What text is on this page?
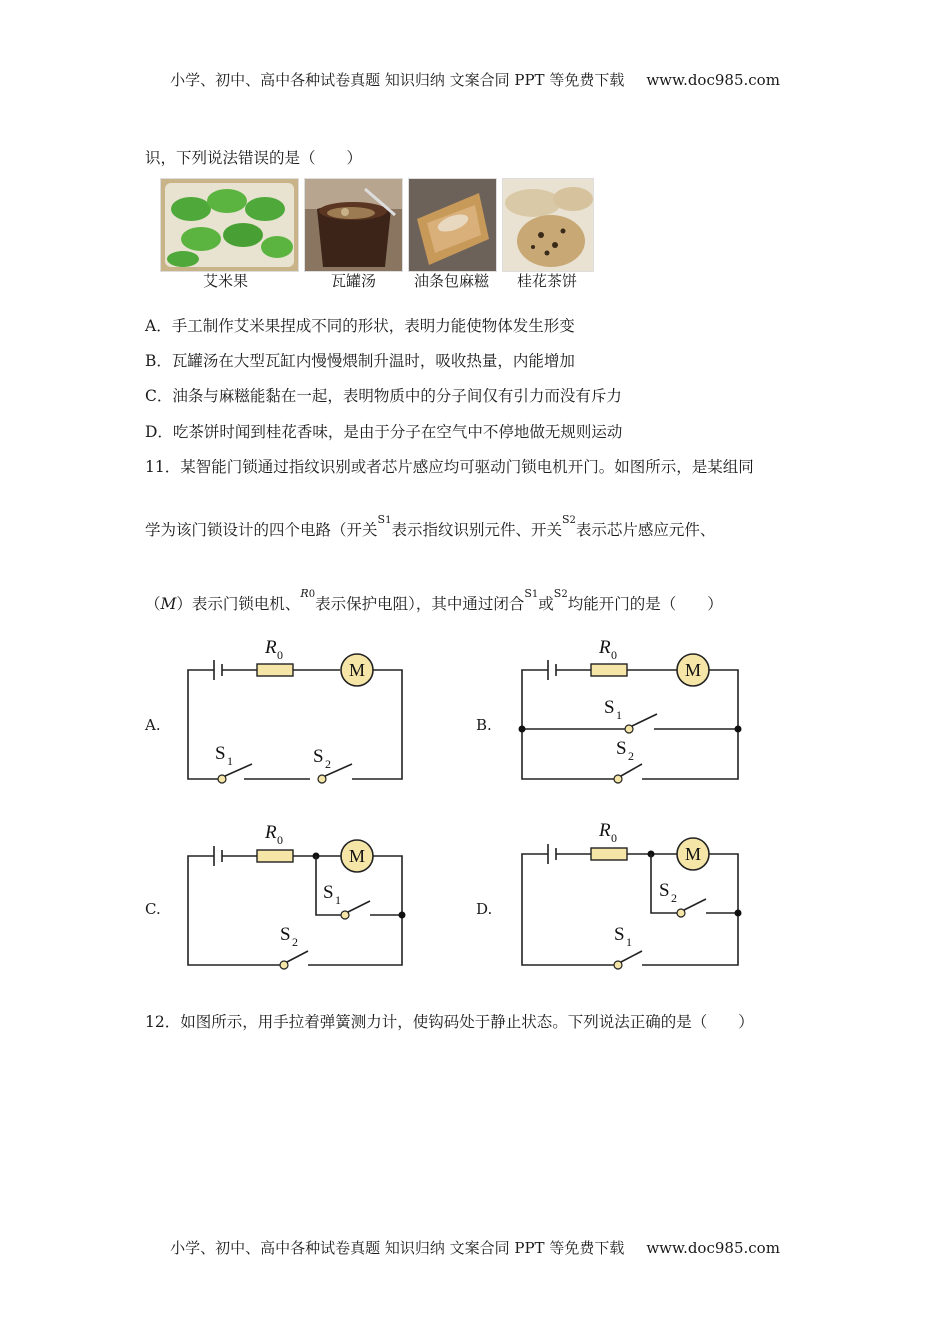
小学、初中、高中各种试卷真题 知识归纳 文案合同 PPT 等免费下载 www.doc985.com
识，下列说法错误的是（　　）
艾米果	瓦罐汤	油条包麻糍 桂花茶饼
A．手工制作艾米果捏成不同的形状，表明力能使物体发生形变
B．瓦罐汤在大型瓦缸内慢慢煨制升温时，吸收热量，内能增加
C．油条与麻糍能黏在一起，表明物质中的分子间仅有引力而没有斥力
D．吃茶饼时闻到桂花香味，是由于分子在空气中不停地做无规则运动
11．某智能门锁通过指纹识别或者芯片感应均可驱动门锁电机开门。如图所示，是某组同
学为该门锁设计的四个电路（开关S1表示指纹识别元件、开关S2表示芯片感应元件、
（M）表示门锁电机、R0表示保护电阻），其中通过闭合S1或S2均能开门的是（　　）
A.	B.
C.	D.
R 0
M
S 1	S 2
R 0
M
S 1
S 2
R 0
M
S 1
S 2
R 0
M
S 2
S 1
12．如图所示，用手拉着弹簧测力计，使钩码处于静止状态。下列说法正确的是（　　）
小学、初中、高中各种试卷真题 知识归纳 文案合同 PPT 等免费下载 www.doc985.com
